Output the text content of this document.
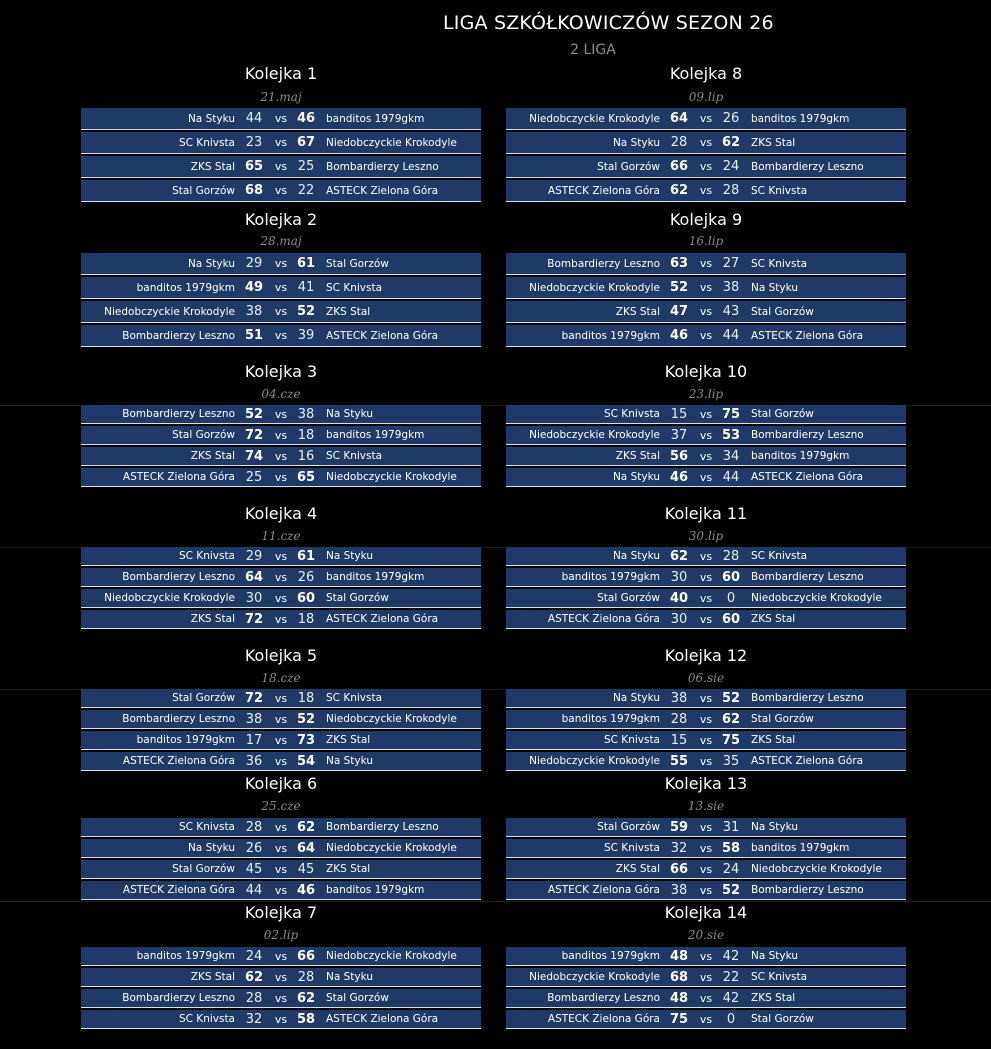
LIGA SZKÓŁKOWICZÓW SEZON 26
2 LIGA
Kolejka 1
21.maj
Na Styku 44	vs 46	banditos 1979gkm
SC Knivsta 23	vs 67	Niedobczyckie Krokodyle
ZKS Stal 65	vs 25	Bombardierzy Leszno
Stal Gorzów 68	vs 22	ASTECK Zielona Góra
Kolejka 2
28.maj
Na Styku 29	vs 61	Stal Gorzów
banditos 1979gkm 49	vs 41	SC Knivsta
Niedobczyckie Krokodyle 38	vs 52	ZKS Stal
Bombardierzy Leszno 51	vs 39	ASTECK Zielona Góra
Kolejka 3
04.cze
Bombardierzy Leszno 52	vs 38	Na Styku
Stal Gorzów 72	vs 18	banditos 1979gkm
ZKS Stal 74	vs 16	SC Knivsta
ASTECK Zielona Góra 25	vs 65	Niedobczyckie Krokodyle
Kolejka 4
11.cze
SC Knivsta 29	vs 61	Na Styku
Bombardierzy Leszno 64	vs 26	banditos 1979gkm
Niedobczyckie Krokodyle 30	vs 60	Stal Gorzów
ZKS Stal 72	vs 18	ASTECK Zielona Góra
Kolejka 5
18.cze
Stal Gorzów 72	vs 18	SC Knivsta
Bombardierzy Leszno 38	vs 52	Niedobczyckie Krokodyle
banditos 1979gkm 17	vs 73	ZKS Stal
ASTECK Zielona Góra 36	vs 54	Na Styku
Kolejka 6
25.cze
SC Knivsta 28	vs 62	Bombardierzy Leszno
Na Styku 26	vs 64	Niedobczyckie Krokodyle
Stal Gorzów 45	vs 45	ZKS Stal
ASTECK Zielona Góra 44	vs 46	banditos 1979gkm
Kolejka 7
02.lip
banditos 1979gkm 24	vs 66	Niedobczyckie Krokodyle
ZKS Stal 62	vs 28	Na Styku
Bombardierzy Leszno 28	vs 62	Stal Gorzów
SC Knivsta 32	vs 58	ASTECK Zielona Góra
Kolejka 8
09.lip
Niedobczyckie Krokodyle 64	vs 26	banditos 1979gkm
Na Styku 28	vs 62	ZKS Stal
Stal Gorzów 66	vs 24	Bombardierzy Leszno
ASTECK Zielona Góra 62	vs 28	SC Knivsta
Kolejka 9
16.lip
Bombardierzy Leszno 63	vs 27	SC Knivsta
Niedobczyckie Krokodyle 52	vs 38	Na Styku
ZKS Stal 47	vs 43	Stal Gorzów
banditos 1979gkm 46	vs 44	ASTECK Zielona Góra
Kolejka 10
23.lip
SC Knivsta 15	vs 75	Stal Gorzów
Niedobczyckie Krokodyle 37	vs 53	Bombardierzy Leszno
ZKS Stal 56	vs 34	banditos 1979gkm
Na Styku 46	vs 44	ASTECK Zielona Góra
Kolejka 11
30.lip
Na Styku 62	vs 28	SC Knivsta
banditos 1979gkm 30	vs 60	Bombardierzy Leszno
Stal Gorzów 40	vs	0	Niedobczyckie Krokodyle
ASTECK Zielona Góra 30	vs 60	ZKS Stal
Kolejka 12
06.sie
Na Styku 38	vs 52	Bombardierzy Leszno
banditos 1979gkm 28	vs 62	Stal Gorzów
SC Knivsta 15	vs 75	ZKS Stal
Niedobczyckie Krokodyle 55	vs 35	ASTECK Zielona Góra
Kolejka 13
13.sie
Stal Gorzów 59	vs 31	Na Styku
SC Knivsta 32	vs 58	banditos 1979gkm
ZKS Stal 66	vs 24	Niedobczyckie Krokodyle
ASTECK Zielona Góra 38	vs 52	Bombardierzy Leszno
Kolejka 14
20.sie
banditos 1979gkm 48	vs 42	Na Styku
Niedobczyckie Krokodyle 68	vs 22	SC Knivsta
Bombardierzy Leszno 48	vs 42	ZKS Stal
ASTECK Zielona Góra 75	vs	0	Stal Gorzów
